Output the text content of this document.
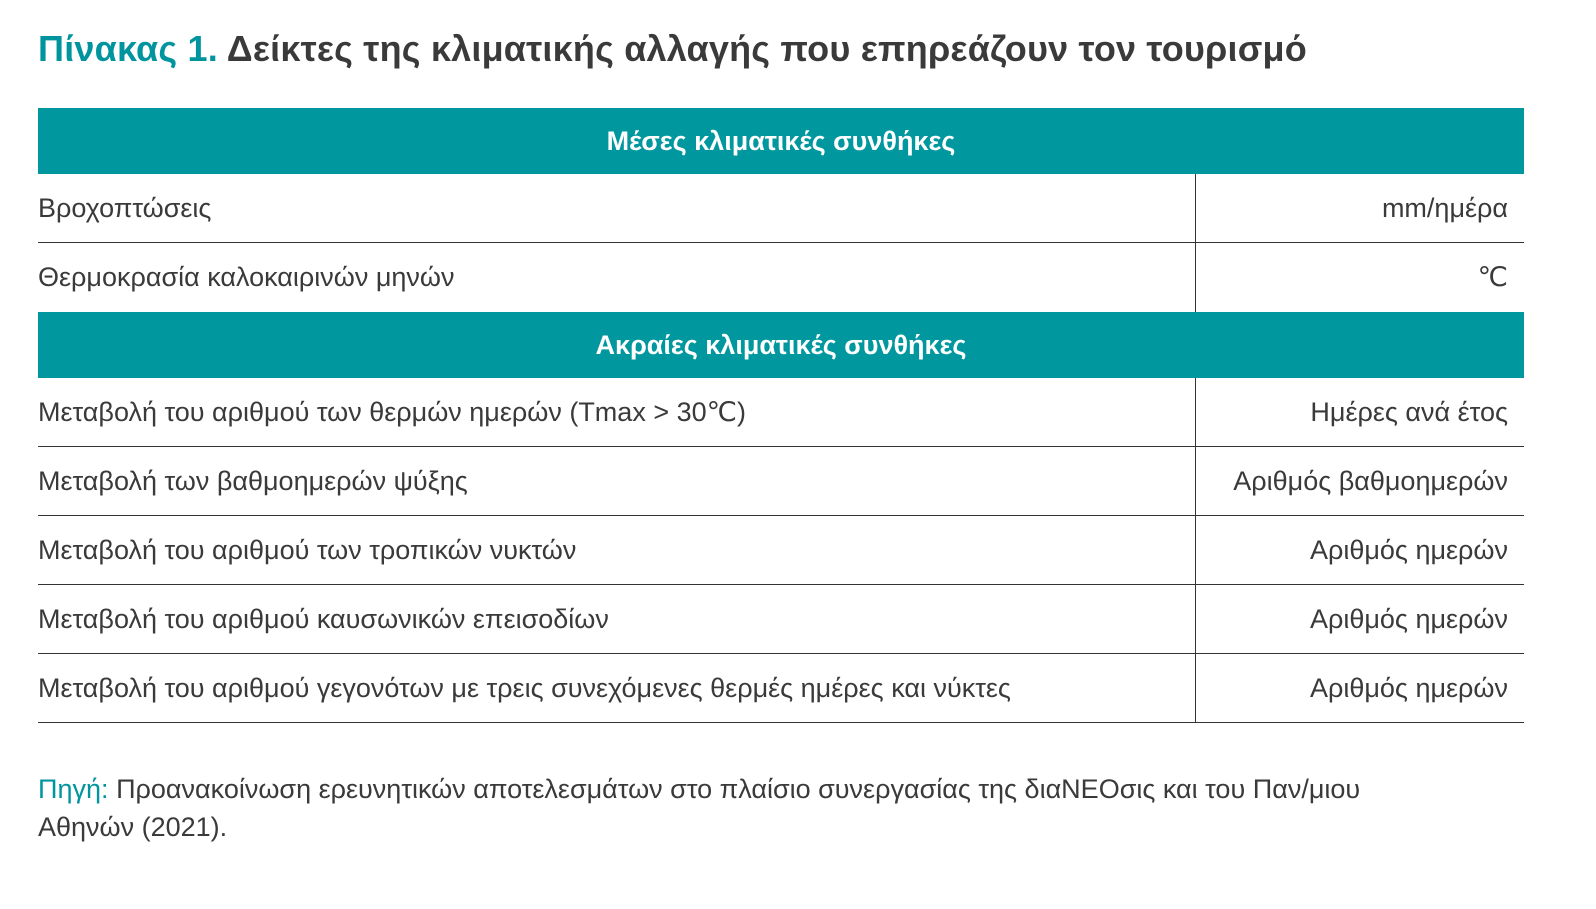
Πίνακας 1. Δείκτες της κλιματικής αλλαγής που επηρεάζουν τον τουρισμό
Μέσες κλιματικές συνθήκες
Βροχοπτώσεις	mm/ημέρα
Θερμοκρασία καλοκαιρινών μηνών	℃
Ακραίες κλιματικές συνθήκες
Μεταβολή του αριθμού των θερμών ημερών (Tmax > 30℃)	Ημέρες ανά έτος
Μεταβολή των βαθμοημερών ψύξης	Αριθμός βαθμοημερών
Μεταβολή του αριθμού των τροπικών νυκτών	Αριθμός ημερών
Μεταβολή του αριθμού καυσωνικών επεισοδίων	Αριθμός ημερών
Μεταβολή του αριθμού γεγονότων με τρεις συνεχόμενες θερμές ημέρες και νύκτες	Αριθμός ημερών
Πηγή: Προανακοίνωση ερευνητικών αποτελεσμάτων στο πλαίσιο συνεργασίας της διαΝΕΟσις και του Παν/μιου Αθηνών (2021).
